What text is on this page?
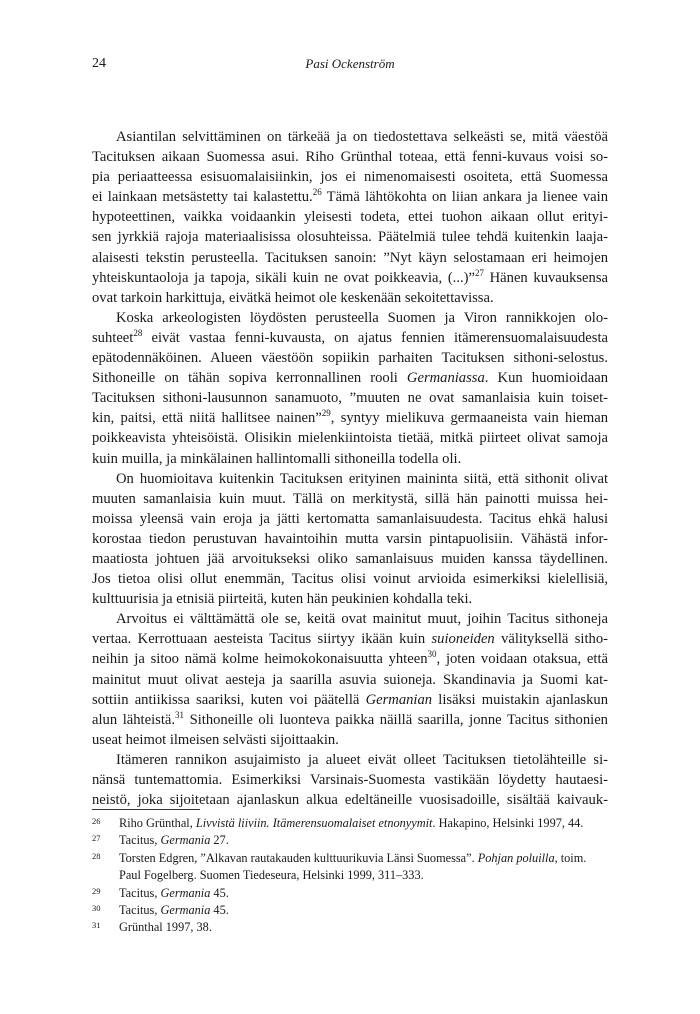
24	Pasi Ockenström
Asiantilan selvittäminen on tärkeää ja on tiedostettava selkeästi se, mitä väestöä
Tacituksen aikaan Suomessa asui. Riho Grünthal toteaa, että fenni-kuvaus voisi so-
pia periaatteessa esisuomalaisiinkin, jos ei nimenomaisesti osoiteta, että Suomessa
ei lainkaan metsästetty tai kalastettu.$^{26}$ Tämä lähtökohta on liian ankara ja lienee vain
hypoteettinen, vaikka voidaankin yleisesti todeta, ettei tuohon aikaan ollut erityi-
sen jyrkkiä rajoja materiaalisissa olosuhteissa. Päätelmiä tulee tehdä kuitenkin laaja-
alaisesti tekstin perusteella. Tacituksen sanoin: ”Nyt käyn selostamaan eri heimojen
yhteiskuntaoloja ja tapoja, sikäli kuin ne ovat poikkeavia, (...)”$^{27}$ Hänen kuvauksensa
ovat tarkoin harkittuja, eivätkä heimot ole keskenään sekoitettavissa.
Koska arkeologisten löydösten perusteella Suomen ja Viron rannikkojen olo-
suhteet$^{28}$ eivät vastaa fenni-kuvausta, on ajatus fennien itämerensuomalaisuudesta
epätodennäköinen. Alueen väestöön sopiikin parhaiten Tacituksen sithoni-selostus.
Sithoneille on tähän sopiva kerronnallinen rooli Germaniassa. Kun huomioidaan
Tacituksen sithoni-lausunnon sanamuoto, ”muuten ne ovat samanlaisia kuin toiset-
kin, paitsi, että niitä hallitsee nainen”$^{29}$, syntyy mielikuva germaaneista vain hieman
poikkeavista yhteisöistä. Olisikin mielenkiintoista tietää, mitkä piirteet olivat samoja
kuin muilla, ja minkälainen hallintomalli sithoneilla todella oli.
On huomioitava kuitenkin Tacituksen erityinen maininta siitä, että sithonit olivat
muuten samanlaisia kuin muut. Tällä on merkitystä, sillä hän painotti muissa hei-
moissa yleensä vain eroja ja jätti kertomatta samanlaisuudesta. Tacitus ehkä halusi
korostaa tiedon perustuvan havaintoihin mutta varsin pintapuolisiin. Vähästä infor-
maatiosta johtuen jää arvoitukseksi oliko samanlaisuus muiden kanssa täydellinen.
Jos tietoa olisi ollut enemmän, Tacitus olisi voinut arvioida esimerkiksi kielellisiä,
kulttuurisia ja etnisiä piirteitä, kuten hän peukinien kohdalla teki.
Arvoitus ei välttämättä ole se, keitä ovat mainitut muut, joihin Tacitus sithoneja
vertaa. Kerrottuaan aesteista Tacitus siirtyy ikään kuin suioneiden välityksellä sitho-
neihin ja sitoo nämä kolme heimokokonaisuutta yhteen$^{30}$, joten voidaan otaksua, että
mainitut muut olivat aesteja ja saarilla asuvia suioneja. Skandinavia ja Suomi kat-
sottiin antiikissa saariksi, kuten voi päätellä Germanian lisäksi muistakin ajanlaskun
alun lähteistä.$^{31}$ Sithoneille oli luonteva paikka näillä saarilla, jonne Tacitus sithonien
useat heimot ilmeisen selvästi sijoittaakin.
Itämeren rannikon asujaimisto ja alueet eivät olleet Tacituksen tietolähteille si-
nänsä tuntemattomia. Esimerkiksi Varsinais-Suomesta vastikään löydetty hautaesi-
neistö, joka sijoitetaan ajanlaskun alkua edeltäneille vuosisadoille, sisältää kaivauk-
26 Riho Grünthal, Livvistä liiviin. Itämerensuomalaiset etnonyymit. Hakapino, Helsinki 1997, 44.
27 Tacitus, Germania 27.
28 Torsten Edgren, ”Alkavan rautakauden kulttuurikuvia Länsi Suomessa”. Pohjan poluilla, toim.
Paul Fogelberg. Suomen Tiedeseura, Helsinki 1999, 311–333.
29 Tacitus, Germania 45.
30 Tacitus, Germania 45.
31 Grünthal 1997, 38.
